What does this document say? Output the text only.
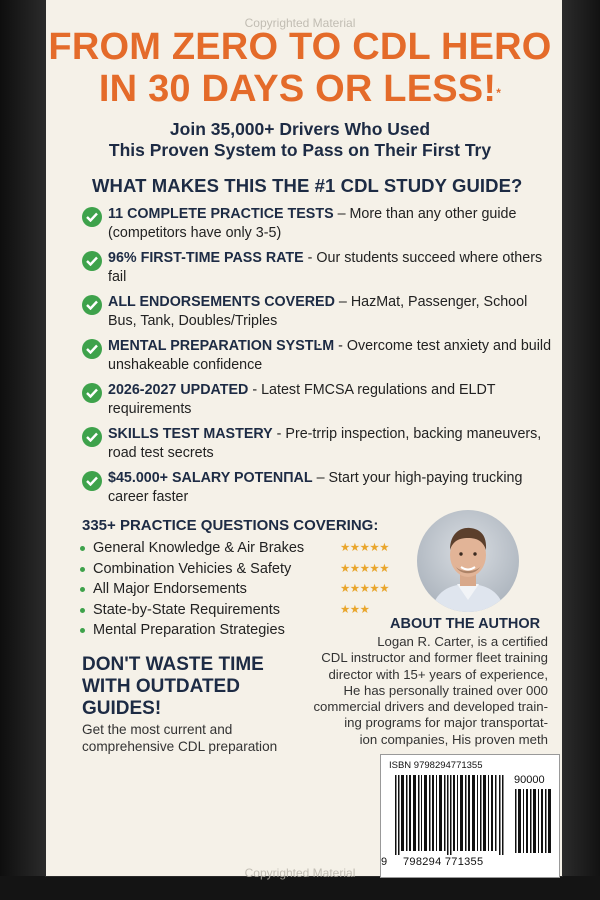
Copyrighted Material
FROM ZERO TO CDL HERO
IN 30 DAYS OR LESS!*
Join 35,000+ Drivers Who Used
This Proven System to Pass on Their First Try
WHAT MAKES THIS THE #1 CDL STUDY GUIDE?
11 COMPLETE PRACTICE TESTS – More than any other guide (competitors have only 3-5)
96% FIRST-TIME PASS RATE - Our students succeed where others fail
ALL ENDORSEMENTS COVERED – HazMat, Passenger, School Bus, Tank, Doubles/Triples
MENTAL PREPARATION SYSTĿM - Overcome test anxiety and build unshakeable confidence
2026-2027 UPDATED - Latest FMCSA regulations and ELDT requirements
SKILLS TEST MASTERY - Pre-trrip inspection, backing maneuvers, road test secrets
$45.000+ SALARY POTENΠAL – Start your high-paying trucking career faster
335+ PRACTICE QUESTIONS COVERING:
General Knowledge & Air Brakes	★★★★★
Combination Vehicies & Safety	★★★★★
All Major Endorsements	★★★★★
State-by-State Requirements	★★★
Mental Preparation Strategies	ABOUT THE AUTHOR
Logan R. Carter, is a certified
CDL instructor and former fleet training
director with 15+ years of experience,
He has personally trained over 000
commercial drivers and developed train-
ing programs for major transportat-
ion companies, His proven meth
DON'T WASTE TIME
WITH OUTDATED
GUIDES!
Get the most current and
comprehensive CDL preparation
ISBN 9798294771355
90000
9 798294 771355
Copyrighted Material
